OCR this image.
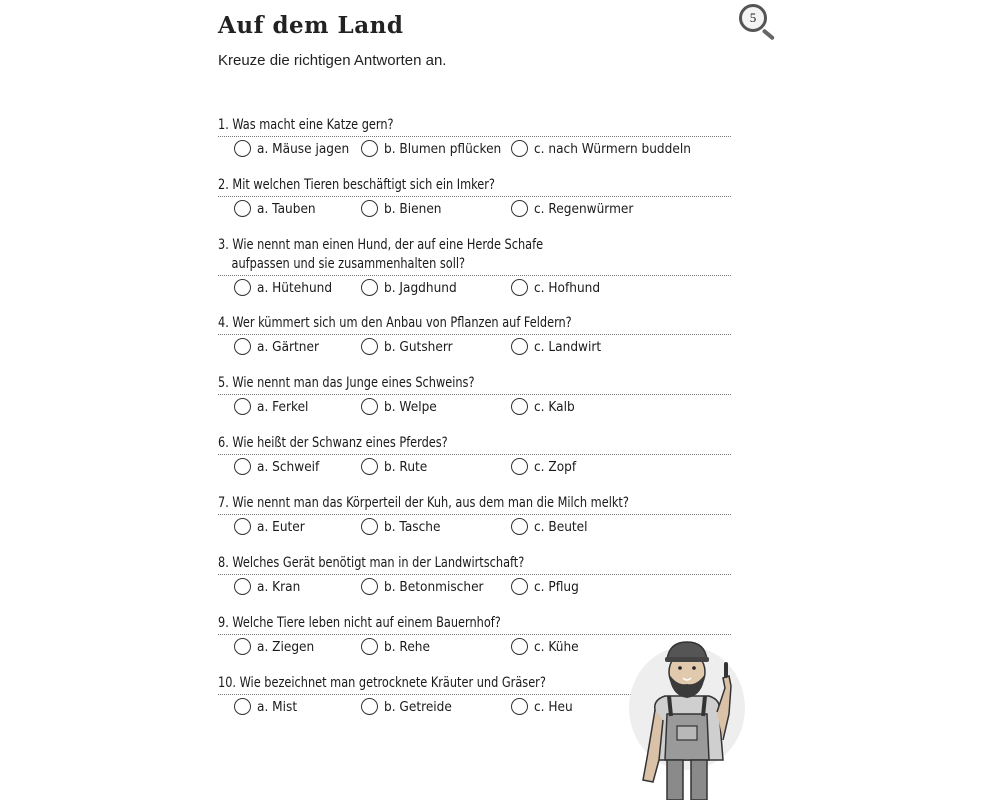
Auf dem Land
Kreuze die richtigen Antworten an.
5
1. Was macht eine Katze gern?
a. Mäuse jagen	b. Blumen pflücken c. nach Würmern buddeln
2. Mit welchen Tieren beschäftigt sich ein Imker?
a. Tauben	b. Bienen	c. Regenwürmer
3. Wie nennt man einen Hund, der auf eine Herde Schafe
aufpassen und sie zusammenhalten soll?
a. Hütehund	b. Jagdhund	c. Hofhund
4. Wer kümmert sich um den Anbau von Pflanzen auf Feldern?
a. Gärtner	b. Gutsherr	c. Landwirt
5. Wie nennt man das Junge eines Schweins?
a. Ferkel	b. Welpe	c. Kalb
6. Wie heißt der Schwanz eines Pferdes?
a. Schweif	b. Rute	c. Zopf
7. Wie nennt man das Körperteil der Kuh, aus dem man die Milch melkt?
a. Euter	b. Tasche	c. Beutel
8. Welches Gerät benötigt man in der Landwirtschaft?
a. Kran	b. Betonmischer	c. Pflug
9. Welche Tiere leben nicht auf einem Bauernhof?
a. Ziegen	b. Rehe	c. Kühe
10. Wie bezeichnet man getrocknete Kräuter und Gräser?
a. Mist	b. Getreide	c. Heu
